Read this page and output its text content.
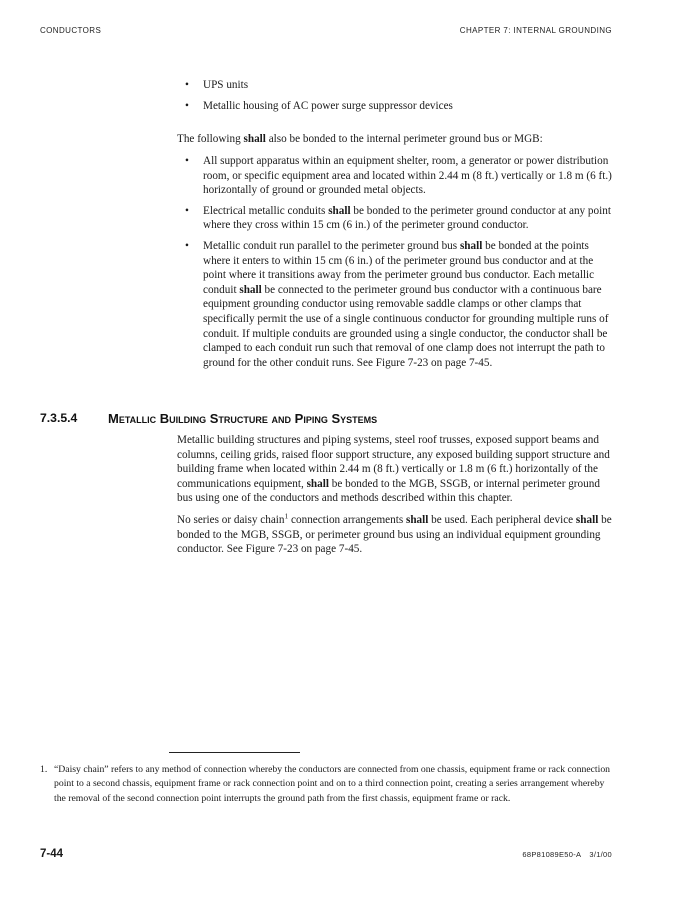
CONDUCTORS	CHAPTER 7: INTERNAL GROUNDING
• UPS units
• Metallic housing of AC power surge suppressor devices

The following shall also be bonded to the internal perimeter ground bus or MGB:

• All support apparatus within an equipment shelter, room, a generator or power distribution room, or specific equipment area and located within 2.44 m (8 ft.) vertically or 1.8 m (6 ft.) horizontally of ground or grounded metal objects.
• Electrical metallic conduits shall be bonded to the perimeter ground conductor at any point where they cross within 15 cm (6 in.) of the perimeter ground conductor.
• Metallic conduit run parallel to the perimeter ground bus shall be bonded at the points where it enters to within 15 cm (6 in.) of the perimeter ground bus conductor and at the point where it transitions away from the perimeter ground bus conductor. Each metallic conduit shall be connected to the perimeter ground bus conductor with a continuous bare equipment grounding conductor using removable saddle clamps or other clamps that specifically permit the use of a single continuous conductor for grounding multiple runs of conduit. If multiple conduits are grounded using a single conductor, the conductor shall be clamped to each conduit run such that removal of one clamp does not interrupt the path to ground for the other conduit runs. See Figure 7-23 on page 7-45.
7.3.5.4 Metallic Building Structure and Piping Systems

Metallic building structures and piping systems, steel roof trusses, exposed support beams and columns, ceiling grids, raised floor support structure, any exposed building support structure and building frame when located within 2.44 m (8 ft.) vertically or 1.8 m (6 ft.) horizontally of the communications equipment, shall be bonded to the MGB, SSGB, or internal perimeter ground bus using one of the conductors and methods described within this chapter.

No series or daisy chain$^1$ connection arrangements shall be used. Each peripheral device shall be bonded to the MGB, SSGB, or perimeter ground bus using an individual equipment grounding conductor. See Figure 7-23 on page 7-45.

1. “Daisy chain” refers to any method of connection whereby the conductors are connected from one chassis, equipment frame or rack connection point to a second chassis, equipment frame or rack connection point and on to a third connection point, creating a series arrangement whereby the removal of the second connection point interrupts the ground path from the first chassis, equipment frame or rack.
7-44	68P81089E50-A 3/1/00
